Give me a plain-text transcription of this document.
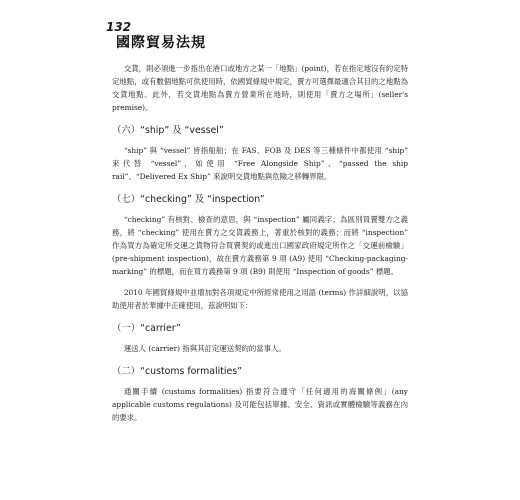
132
國際貿易法規

交貨，則必須進一步指出在港口或地方之某一「地點」(point)，若在指定地沒有約定特定地點，或有數個地點可供使用時，依國貿條規中規定，賣方可選擇最適合其目的之地點為交貨地點。此外，若交貨地點為賣方營業所在地時，則使用「賣方之場所」(seller's premise)。

（六）“ship” 及 “vessel”

“ship” 與 “vessel” 皆指船舶；在 FAS、FOB 及 DES 等三種條件中都使用 “ship” 來代替 “vessel”，如使用 “Free Alongside Ship”、“passed the ship rail”、“Delivered Ex Ship” 來說明交貨地點與危險之移轉界限。

（七）“checking” 及 “inspection”

“checking” 有核對、檢查的意思，與 “inspection” 屬同義字；為區別買賣雙方之義務，將 “checking” 使用在賣方之交貨義務上，著重於核對的義務；而將 “inspection” 作為買方為確定所交運之貨物符合買賣契約或進出口國家政府規定所作之「交運前檢驗」(pre-shipment inspection)，故在賣方義務第 9 項 (A9) 使用 “Checking-packaging-marking” 的標題，而在買方義務第 9 項 (B9) 則使用 “Inspection of goods” 標題。

2010 年國貿條規中並增加對各項規定中所經常使用之用語 (terms) 作詳細說明，以協助使用者於華據中正確使用，茲說明如下：

（一）“carrier”

運送人 (carrier) 指與其訂定運送契約的當事人。

（二）“customs formalities”

通關手續 (customs formalities) 指要符合遵守「任何適用的海關條例」(any applicable customs regulations) 及可能包括單據、安全、資訊或實體檢驗等義務在內的要求。
